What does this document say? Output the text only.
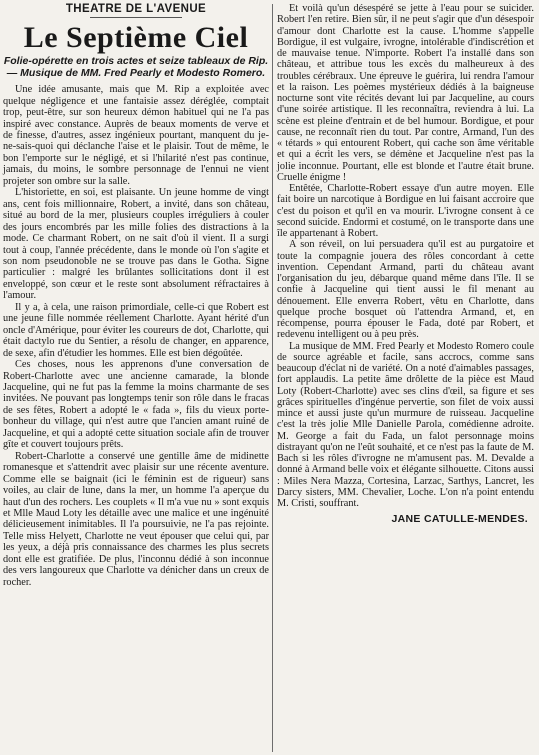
THEATRE DE L'AVENUE

Le Septième Ciel

Folie-opérette en trois actes et seize tableaux de Rip. — Musique de MM. Fred Pearly et Modesto Romero.

Une idée amusante, mais que M. Rip a exploitée avec quelque négligence et une fantaisie assez déréglée, comptait trop, peut-être, sur son heureux démon habituel qui ne l'a pas inspiré avec constance. Auprès de beaux moments de verve et de finesse, d'autres, assez ingénieux pourtant, manquent du je-ne-sais-quoi qui déclanche l'aise et le plaisir. Tout de même, le bon l'emporte sur le négligé, et si l'hilarité n'est pas continue, jamais, du moins, le sombre personnage de l'ennui ne vient projeter son ombre sur la salle.

L'historiette, en soi, est plaisante. Un jeune homme de vingt ans, cent fois millionnaire, Robert, a invité, dans son château, situé au bord de la mer, plusieurs couples irréguliers à couler des jours encombrés par les mille folies des distractions à la mode. Ce charmant Robert, on ne sait d'où il vient. Il a surgi tout à coup, l'année précédente, dans le monde où l'on s'agite et son nom pseudonoble ne se trouve pas dans le Gotha. Signe particulier : malgré les brûlantes sollicitations dont il est enveloppé, son cœur et le reste sont absolument réfractaires à l'amour.

Il y a, à cela, une raison primordiale, celle-ci que Robert est une jeune fille nommée réellement Charlotte. Ayant hérité d'un oncle d'Amérique, pour éviter les coureurs de dot, Charlotte, qui était dactylo rue du Sentier, a résolu de changer, en apparence, de sexe, afin d'étudier les hommes. Elle est bien dégoûtée.

Ces choses, nous les apprenons d'une conversation de Robert-Charlotte avec une ancienne camarade, la blonde Jacqueline, qui ne fut pas la femme la moins charmante de ses invitées. Ne pouvant pas longtemps tenir son rôle dans le fracas de ses fêtes, Robert a adopté le « fada », fils du vieux porte-bonheur du village, qui n'est autre que l'ancien amant ruiné de Jacqueline, et qui a adopté cette situation sociale afin de trouver gîte et couvert toujours prêts.

Robert-Charlotte a conservé une gentille âme de midinette romanesque et s'attendrit avec plaisir sur une récente aventure. Comme elle se baignait (ici le féminin est de rigueur) sans voiles, au clair de lune, dans la mer, un homme l'a aperçue du haut d'un des rochers. Les couplets « Il m'a vue nu » sont exquis et Mlle Maud Loty les détaille avec une malice et une ingénuité délicieusement inimitables. Il l'a poursuivie, ne l'a pas rejointe. Telle miss Helyett, Charlotte ne veut épouser que celui qui, par les yeux, a déjà pris connaissance des charmes les plus secrets dont elle est gratifiée. De plus, l'inconnu dédié à son inconnue des vers langoureux que Charlotte va dénicher dans un creux de rocher.

Et voilà qu'un désespéré se jette à l'eau pour se suicider. Robert l'en retire. Bien sûr, il ne peut s'agir que d'un désespoir d'amour dont Charlotte est la cause. L'homme s'appelle Bordigue, il est vulgaire, ivrogne, intolérable d'indiscrétion et de mauvaise tenue. N'importe. Robert l'a installé dans son château, et attribue tous les excès du malheureux à des troubles cérébraux. Une épreuve le guérira, lui rendra l'amour et la raison. Les poèmes mystérieux dédiés à la baigneuse nocturne sont vite récités devant lui par Jacqueline, au cours d'une soirée artistique. Il les reconnaîtra, reviendra à lui. La scène est pleine d'entrain et de bel humour. Bordigue, et pour cause, ne reconnaît rien du tout. Par contre, Armand, l'un des « tétards » qui entourent Robert, qui cache son âme véritable et qui a écrit les vers, se démène et Jacqueline n'est pas la jolie inconnue. Pourtant, elle est blonde et l'autre était brune. Cruelle énigme !

Entêtée, Charlotte-Robert essaye d'un autre moyen. Elle fait boire un narcotique à Bordigue en lui faisant accroire que c'est du poison et qu'il en va mourir. L'ivrogne consent à ce second suicide. Endormi et costumé, on le transporte dans une île appartenant à Robert.

A son réveil, on lui persuadera qu'il est au purgatoire et toute la compagnie jouera des rôles concordant à cette invention. Cependant Armand, parti du château avant l'organisation du jeu, débarque quand même dans l'île. Il se confie à Jacqueline qui tient aussi le fil menant au dénouement. Elle enverra Robert, vêtu en Charlotte, dans quelque proche bosquet où l'attendra Armand, et, en récompense, pourra épouser le Fada, doté par Robert, et redevenu intelligent ou à peu près.

La musique de MM. Fred Pearly et Modesto Romero coule de source agréable et facile, sans accrocs, comme sans beaucoup d'éclat ni de variété. On a noté d'aimables passages, fort applaudis. La petite âme drôlette de la pièce est Maud Loty (Robert-Charlotte) avec ses clins d'œil, sa figure et ses grâces spirituelles d'ingénue pervertie, son filet de voix aussi mince et aussi juste qu'un murmure de ruisseau. Jacqueline c'est la très jolie Mlle Danielle Parola, comédienne adroite. M. George a fait du Fada, un falot personnage moins distrayant qu'on ne l'eût souhaité, et ce n'est pas la faute de M. Bach si les rôles d'ivrogne ne m'amusent pas. M. Devalde a donné à Armand belle voix et élégante silhouette. Citons aussi : Miles Nera Mazza, Cortesina, Larzac, Sarthys, Lancret, les Darcy sisters, MM. Chevalier, Loche. L'on n'a point entendu M. Cristi, souffrant.

JANE CATULLE-MENDES.
